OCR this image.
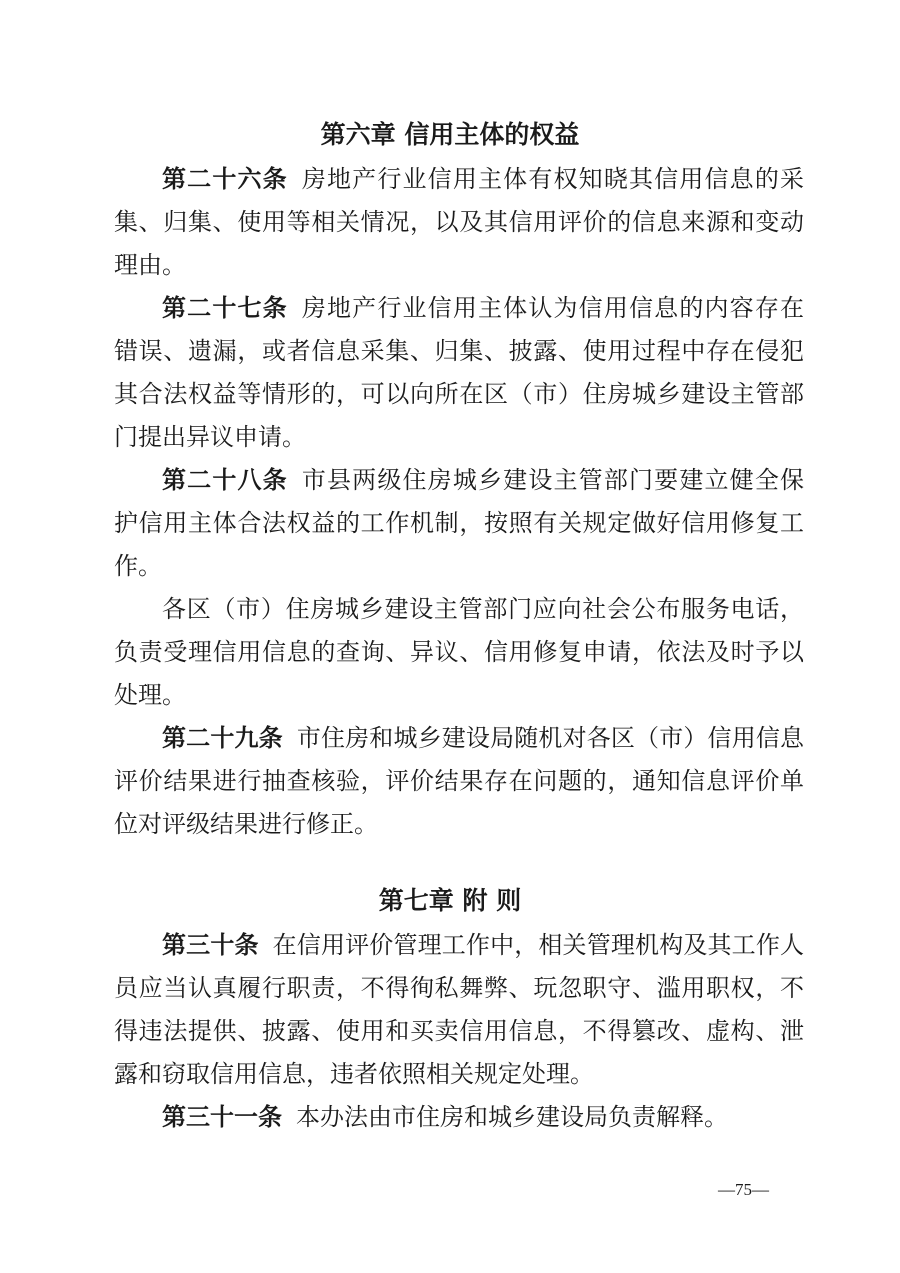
第六章 信用主体的权益

第二十六条 房地产行业信用主体有权知晓其信用信息的采

集、归集、使用等相关情况，以及其信用评价的信息来源和变动

理由。

第二十七条 房地产行业信用主体认为信用信息的内容存在

错误、遗漏，或者信息采集、归集、披露、使用过程中存在侵犯

其合法权益等情形的，可以向所在区（市）住房城乡建设主管部

门提出异议申请。

第二十八条 市县两级住房城乡建设主管部门要建立健全保

护信用主体合法权益的工作机制，按照有关规定做好信用修复工

作。

各区（市）住房城乡建设主管部门应向社会公布服务电话，

负责受理信用信息的查询、异议、信用修复申请，依法及时予以

处理。

第二十九条 市住房和城乡建设局随机对各区（市）信用信息

评价结果进行抽查核验，评价结果存在问题的，通知信息评价单

位对评级结果进行修正。

第七章 附 则

第三十条 在信用评价管理工作中，相关管理机构及其工作人

员应当认真履行职责，不得徇私舞弊、玩忽职守、滥用职权，不

得违法提供、披露、使用和买卖信用信息，不得篡改、虚构、泄

露和窃取信用信息，违者依照相关规定处理。

第三十一条 本办法由市住房和城乡建设局负责解释。

—75—
